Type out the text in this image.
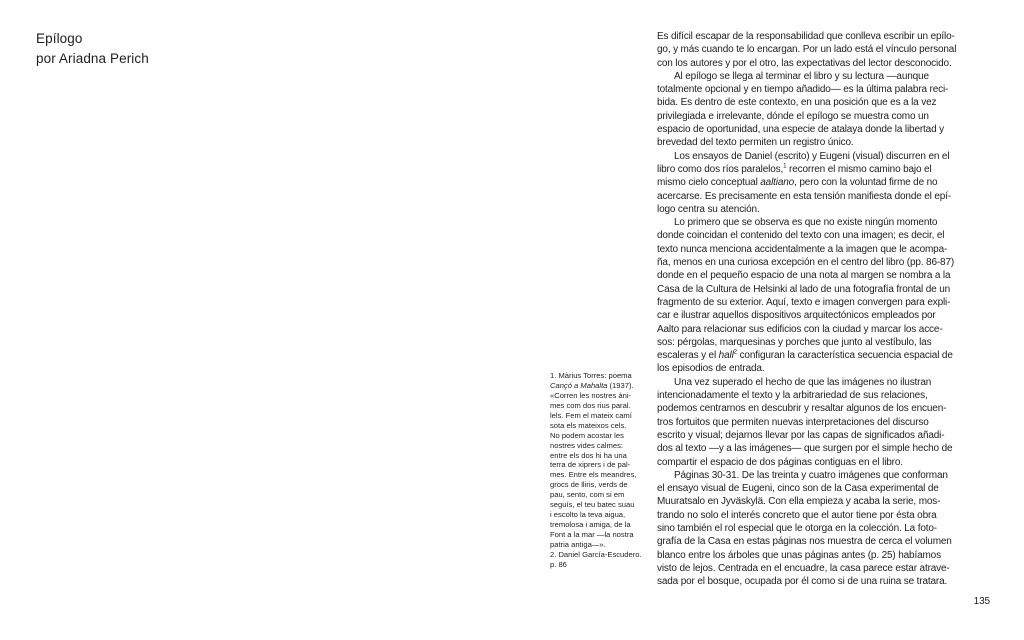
Epílogo
por Ariadna Perich
1. Màrius Torres: poema
Cançó a Mahalta (1937).
«Corren les nostres àni-
mes com dos rius paral.
lels. Fem el mateix camí
sota els mateixos cels.
No podem acostar les
nostres vides calmes:
entre els dos hi ha una
terra de xiprers i de pal-
mes. Entre els meandres,
grocs de lliris, verds de
pau, sento, com si em
seguís, el teu batec suau
i escolto la teva aigua,
tremolosa i amiga, de la
Font a la mar —la nostra
patria antiga—».
2. Daniel García-Escudero.
p. 86
Es difícil escapar de la responsabilidad que conlleva escribir un epílo-
go, y más cuando te lo encargan. Por un lado está el vínculo personal
con los autores y por el otro, las expectativas del lector desconocido.
Al epílogo se llega al terminar el libro y su lectura —aunque
totalmente opcional y en tiempo añadido— es la última palabra reci-
bida. Es dentro de este contexto, en una posición que es a la vez
privilegiada e irrelevante, dónde el epílogo se muestra como un
espacio de oportunidad, una especie de atalaya donde la libertad y
brevedad del texto permiten un registro único.
Los ensayos de Daniel (escrito) y Eugeni (visual) discurren en el
libro como dos ríos paralelos,$^1$ recorren el mismo camino bajo el
mismo cielo conceptual aaltiano, pero con la voluntad firme de no
acercarse. Es precisamente en esta tensión manifiesta donde el epí-
logo centra su atención.
Lo primero que se observa es que no existe ningún momento
donde coincidan el contenido del texto con una imagen; es decir, el
texto nunca menciona accidentalmente a la imagen que le acompa-
ña, menos en una curiosa excepción en el centro del libro (pp. 86-87)
donde en el pequeño espacio de una nota al margen se nombra a la
Casa de la Cultura de Helsinki al lado de una fotografía frontal de un
fragmento de su exterior. Aquí, texto e imagen convergen para expli-
car e ilustrar aquellos dispositivos arquitectónicos empleados por
Aalto para relacionar sus edificios con la ciudad y marcar los acce-
sos: pérgolas, marquesinas y porches que junto al vestíbulo, las
escaleras y el hall$^2$ configuran la característica secuencia espacial de
los episodios de entrada.
Una vez superado el hecho de que las imágenes no ilustran
intencionadamente el texto y la arbitrariedad de sus relaciones,
podemos centrarnos en descubrir y resaltar algunos de los encuen-
tros fortuitos que permiten nuevas interpretaciones del discurso
escrito y visual; dejarnos llevar por las capas de significados añadi-
dos al texto —y a las imágenes— que surgen por el simple hecho de
compartir el espacio de dos páginas contiguas en el libro.
Páginas 30-31. De las treinta y cuatro imágenes que conforman
el ensayo visual de Eugeni, cinco son de la Casa experimental de
Muuratsalo en Jyväskylä. Con ella empieza y acaba la serie, mos-
trando no solo el interés concreto que el autor tiene por ésta obra
sino también el rol especial que le otorga en la colección. La foto-
grafía de la Casa en estas páginas nos muestra de cerca el volumen
blanco entre los árboles que unas páginas antes (p. 25) habíamos
visto de lejos. Centrada en el encuadre, la casa parece estar atrave-
sada por el bosque, ocupada por él como si de una ruina se tratara.
135
